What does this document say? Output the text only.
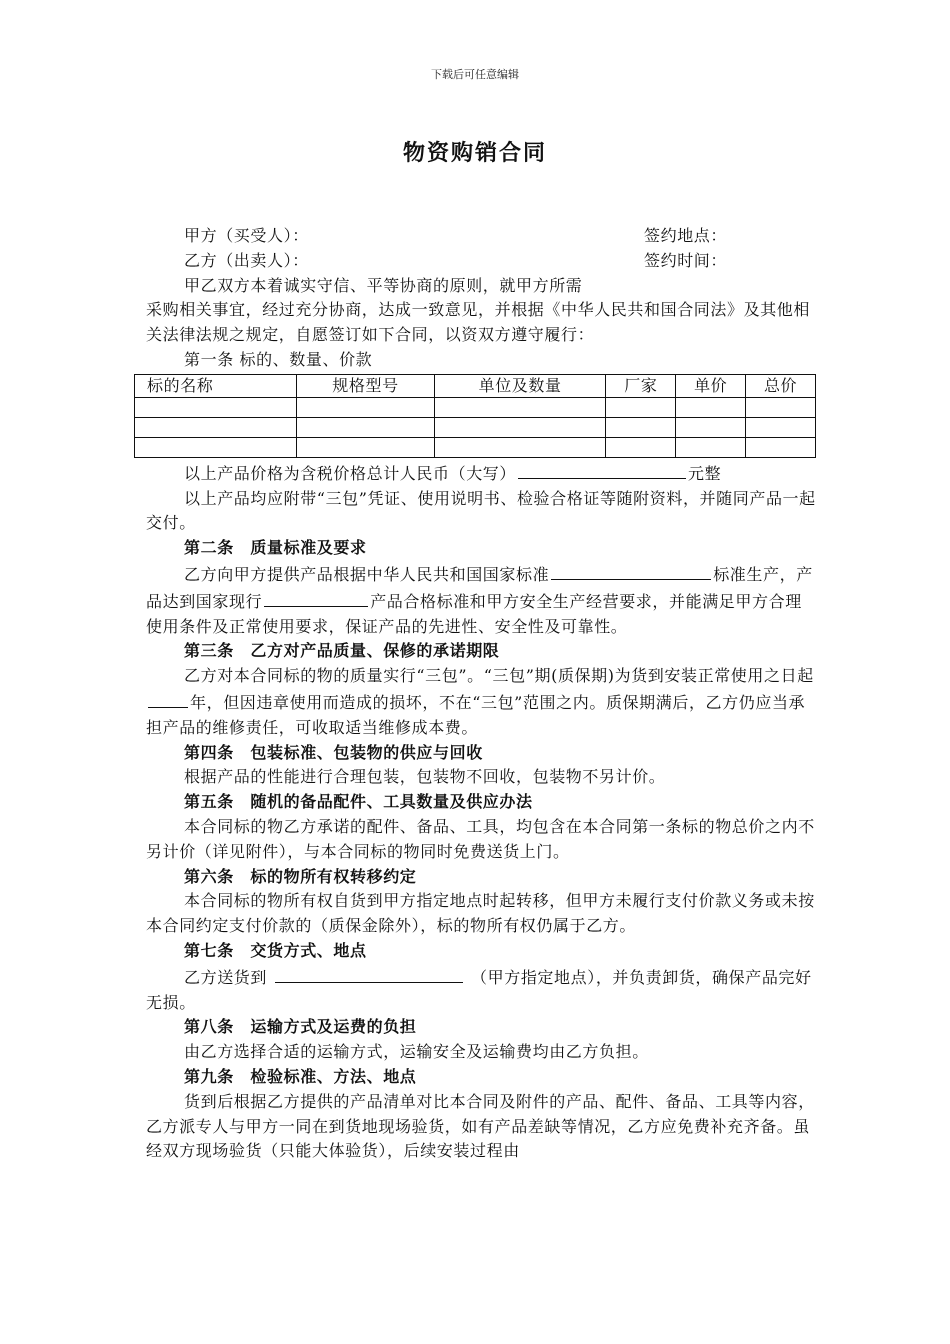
下载后可任意编辑
物资购销合同
甲方（买受人）：	签约地点：
乙方（出卖人）：	签约时间：

甲乙双方本着诚实守信、平等协商的原则，就甲方所需

采购相关事宜，经过充分协商，达成一致意见，并根据《中华人民共和国合同法》及其他相关法律法规之规定，自愿签订如下合同，以资双方遵守履行：

第一条 标的、数量、价款

标的名称	规格型号	单位及数量	厂家	单价	总价

以上产品价格为含税价格总计人民币（大写）	元整

以上产品均应附带“三包”凭证、使用说明书、检验合格证等随附资料，并随同产品一起交付。

第二条　质量标准及要求

乙方向甲方提供产品根据中华人民共和国国家标准	标准生产，产品达到国家现行	产品合格标准和甲方安全生产经营要求，并能满足甲方合理使用条件及正常使用要求，保证产品的先进性、安全性及可靠性。

第三条　乙方对产品质量、保修的承诺期限

乙方对本合同标的物的质量实行“三包”。“三包”期(质保期)为货到安装正常使用之日起年，但因违章使用而造成的损坏，不在“三包”范围之内。质保期满后，乙方仍应当承担产品的维修责任，可收取适当维修成本费。

第四条　包装标准、包装物的供应与回收

根据产品的性能进行合理包装，包装物不回收，包装物不另计价。

第五条　随机的备品配件、工具数量及供应办法

本合同标的物乙方承诺的配件、备品、工具，均包含在本合同第一条标的物总价之内不另计价（详见附件），与本合同标的物同时免费送货上门。

第六条　标的物所有权转移约定

本合同标的物所有权自货到甲方指定地点时起转移，但甲方未履行支付价款义务或未按本合同约定支付价款的（质保金除外），标的物所有权仍属于乙方。

第七条　交货方式、地点

乙方送货到	（甲方指定地点），并负责卸货，确保产品完好无损。

第八条　运输方式及运费的负担

由乙方选择合适的运输方式，运输安全及运输费均由乙方负担。

第九条　检验标准、方法、地点

货到后根据乙方提供的产品清单对比本合同及附件的产品、配件、备品、工具等内容，乙方派专人与甲方一同在到货地现场验货，如有产品差缺等情况，乙方应免费补充齐备。虽经双方现场验货（只能大体验货），后续安装过程由
